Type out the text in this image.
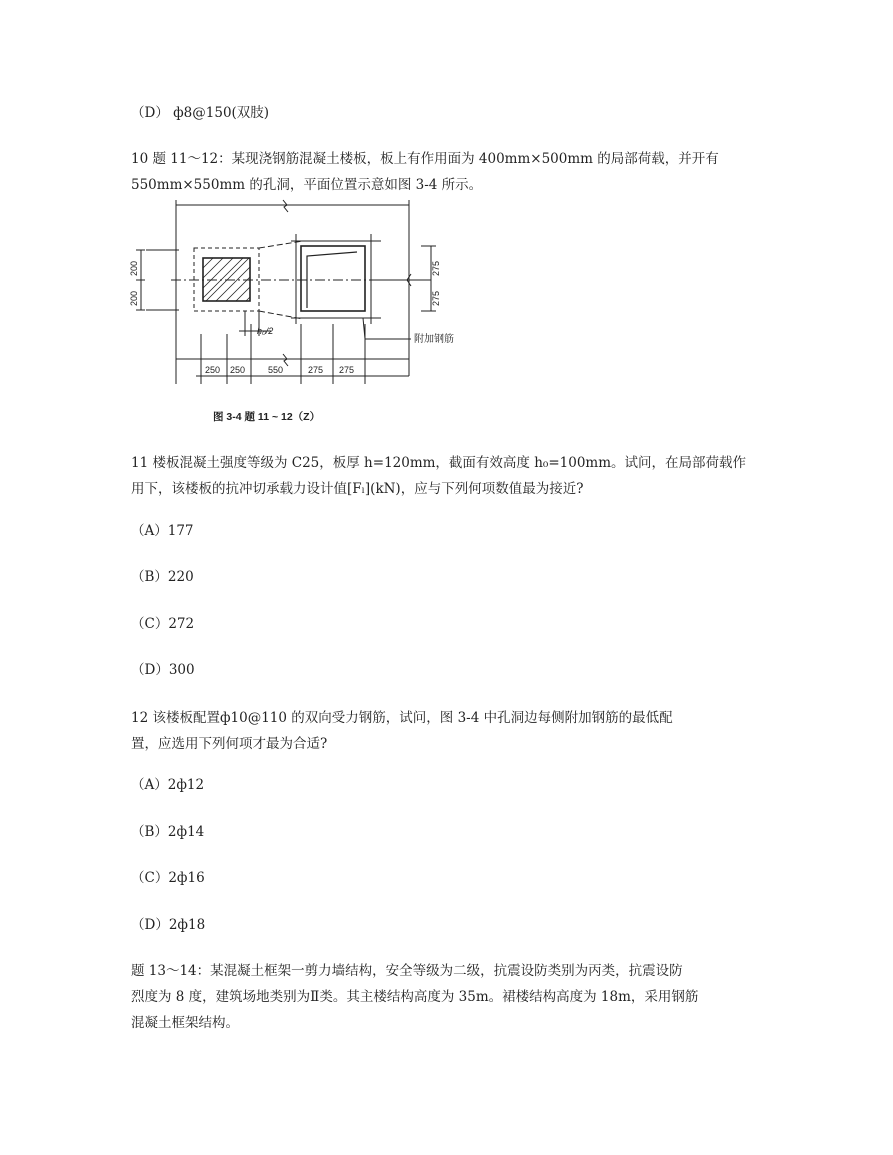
（D） ф8@150(双肢)
10 题 11～12：某现浇钢筋混凝土楼板，板上有作用面为 400mm×500mm 的局部荷载，并开有
550mm×550mm 的孔洞，平面位置示意如图 3-4 所示。
200
200
275
275
h₀/2
附加钢筋
250 250	550	275 275
图 3-4 题 11 ~ 12（Z）
11 楼板混凝土强度等级为 C25，板厚 h=120mm，截面有效高度 h₀=100mm。试问，在局部荷载作
用下，该楼板的抗冲切承载力设计值[Fₗ](kN)，应与下列何项数值最为接近?
（A）177
（B）220
（C）272
（D）300
12 该楼板配置ф10@110 的双向受力钢筋，试问，图 3-4 中孔洞边每侧附加钢筋的最低配
置，应选用下列何项才最为合适?
（A）2ф12
（B）2ф14
（C）2ф16
（D）2ф18
题 13～14：某混凝土框架一剪力墙结构，安全等级为二级，抗震设防类别为丙类，抗震设防
烈度为 8 度，建筑场地类别为Ⅱ类。其主楼结构高度为 35m。裙楼结构高度为 18m，采用钢筋
混凝土框架结构。
